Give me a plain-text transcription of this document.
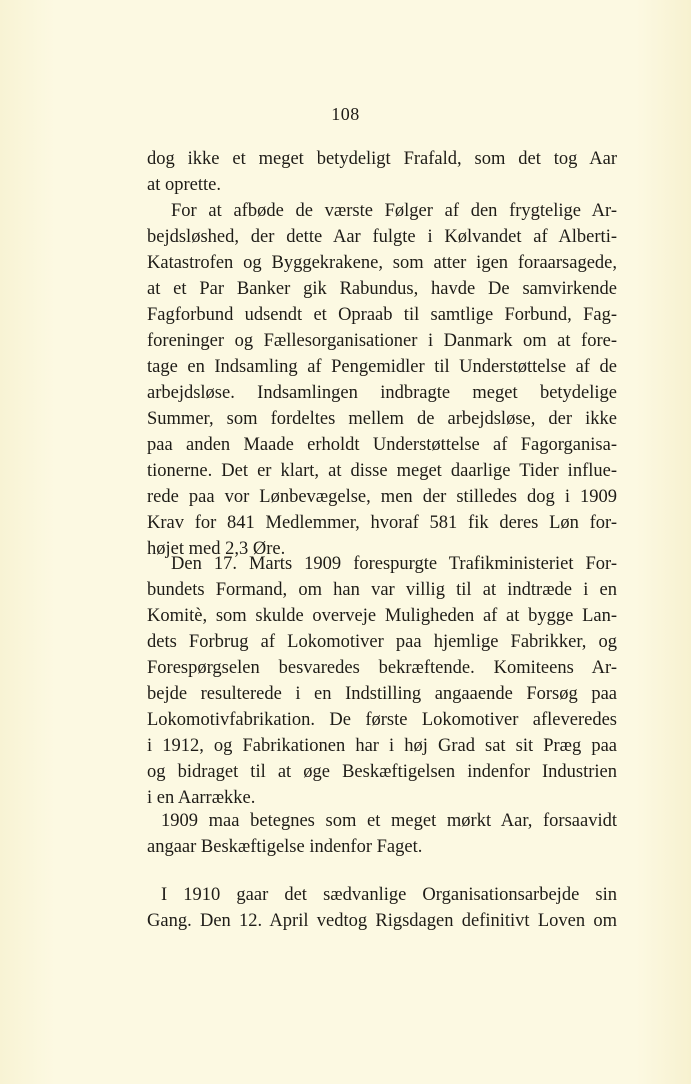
108
dog ikke et meget betydeligt Frafald, som det tog Aar
at oprette.
For at afbøde de værste Følger af den frygtelige Ar-
bejdsløshed, der dette Aar fulgte i Kølvandet af Alberti-
Katastrofen og Byggekrakene, som atter igen foraarsagede,
at et Par Banker gik Rabundus, havde De samvirkende
Fagforbund udsendt et Opraab til samtlige Forbund, Fag-
foreninger og Fællesorganisationer i Danmark om at fore-
tage en Indsamling af Pengemidler til Understøttelse af de
arbejdsløse. Indsamlingen indbragte meget betydelige
Summer, som fordeltes mellem de arbejdsløse, der ikke
paa anden Maade erholdt Understøttelse af Fagorganisa-
tionerne. Det er klart, at disse meget daarlige Tider influe-
rede paa vor Lønbevægelse, men der stilledes dog i 1909
Krav for 841 Medlemmer, hvoraf 581 fik deres Løn for-
højet med 2,3 Øre.
Den 17. Marts 1909 forespurgte Trafikministeriet For-
bundets Formand, om han var villig til at indtræde i en
Komitè, som skulde overveje Muligheden af at bygge Lan-
dets Forbrug af Lokomotiver paa hjemlige Fabrikker, og
Forespørgselen besvaredes bekræftende. Komiteens Ar-
bejde resulterede i en Indstilling angaaende Forsøg paa
Lokomotivfabrikation. De første Lokomotiver afleveredes
i 1912, og Fabrikationen har i høj Grad sat sit Præg paa
og bidraget til at øge Beskæftigelsen indenfor Industrien
i en Aarrække.
1909 maa betegnes som et meget mørkt Aar, forsaavidt
angaar Beskæftigelse indenfor Faget.
I 1910 gaar det sædvanlige Organisationsarbejde sin
Gang. Den 12. April vedtog Rigsdagen definitivt Loven om
